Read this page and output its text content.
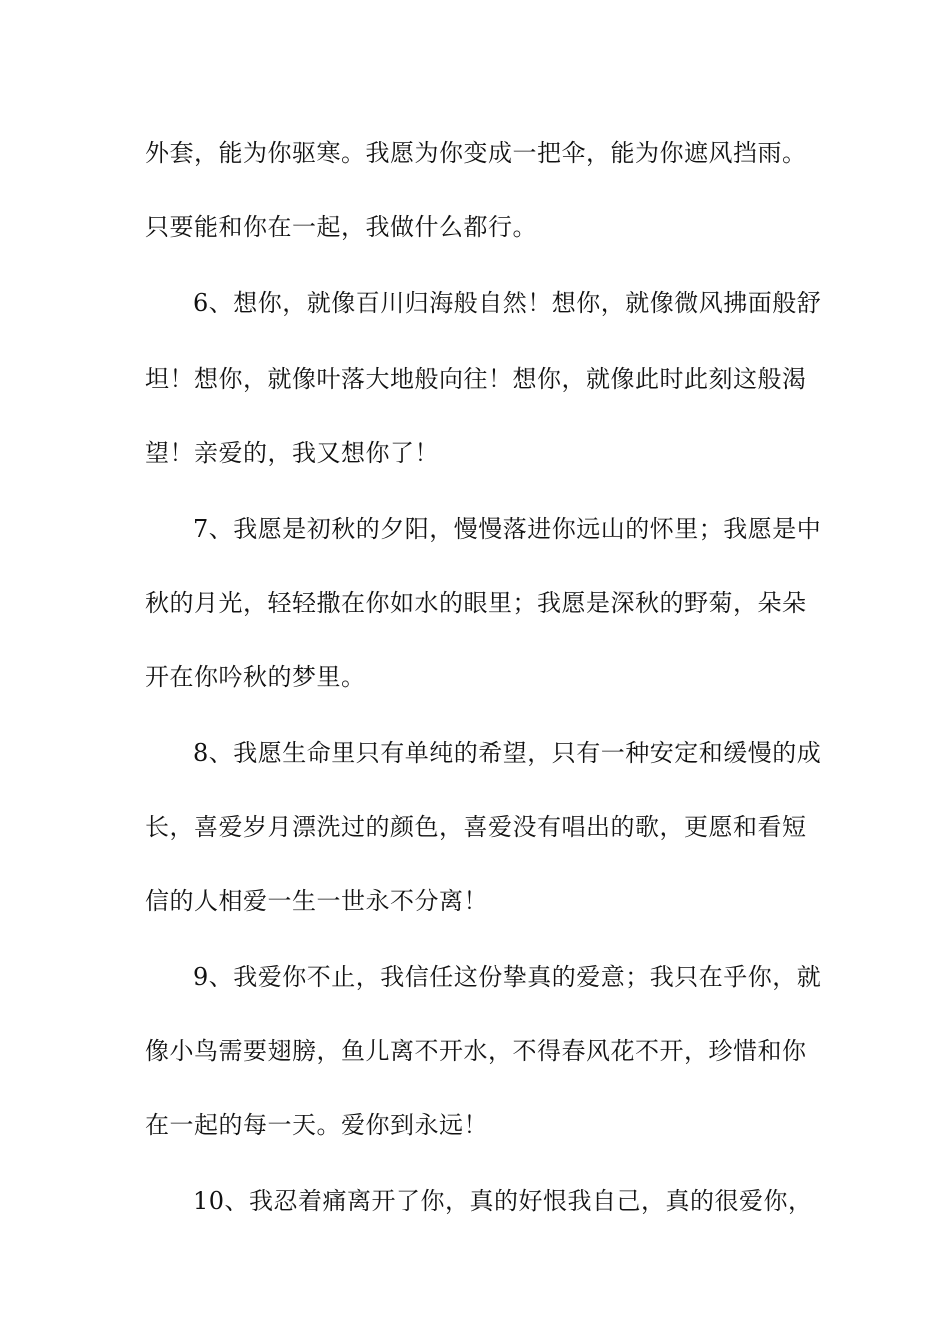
外套，能为你驱寒。我愿为你变成一把伞，能为你遮风挡雨。
只要能和你在一起，我做什么都行。
6、想你，就像百川归海般自然！想你，就像微风拂面般舒
坦！想你，就像叶落大地般向往！想你，就像此时此刻这般渴
望！亲爱的，我又想你了！
7、我愿是初秋的夕阳，慢慢落进你远山的怀里；我愿是中
秋的月光，轻轻撒在你如水的眼里；我愿是深秋的野菊，朵朵
开在你吟秋的梦里。
8、我愿生命里只有单纯的希望，只有一种安定和缓慢的成
长，喜爱岁月漂洗过的颜色，喜爱没有唱出的歌，更愿和看短
信的人相爱一生一世永不分离！
9、我爱你不止，我信任这份挚真的爱意；我只在乎你，就
像小鸟需要翅膀，鱼儿离不开水，不得春风花不开，珍惜和你
在一起的每一天。爱你到永远！
10、我忍着痛离开了你，真的好恨我自己，真的很爱你，
